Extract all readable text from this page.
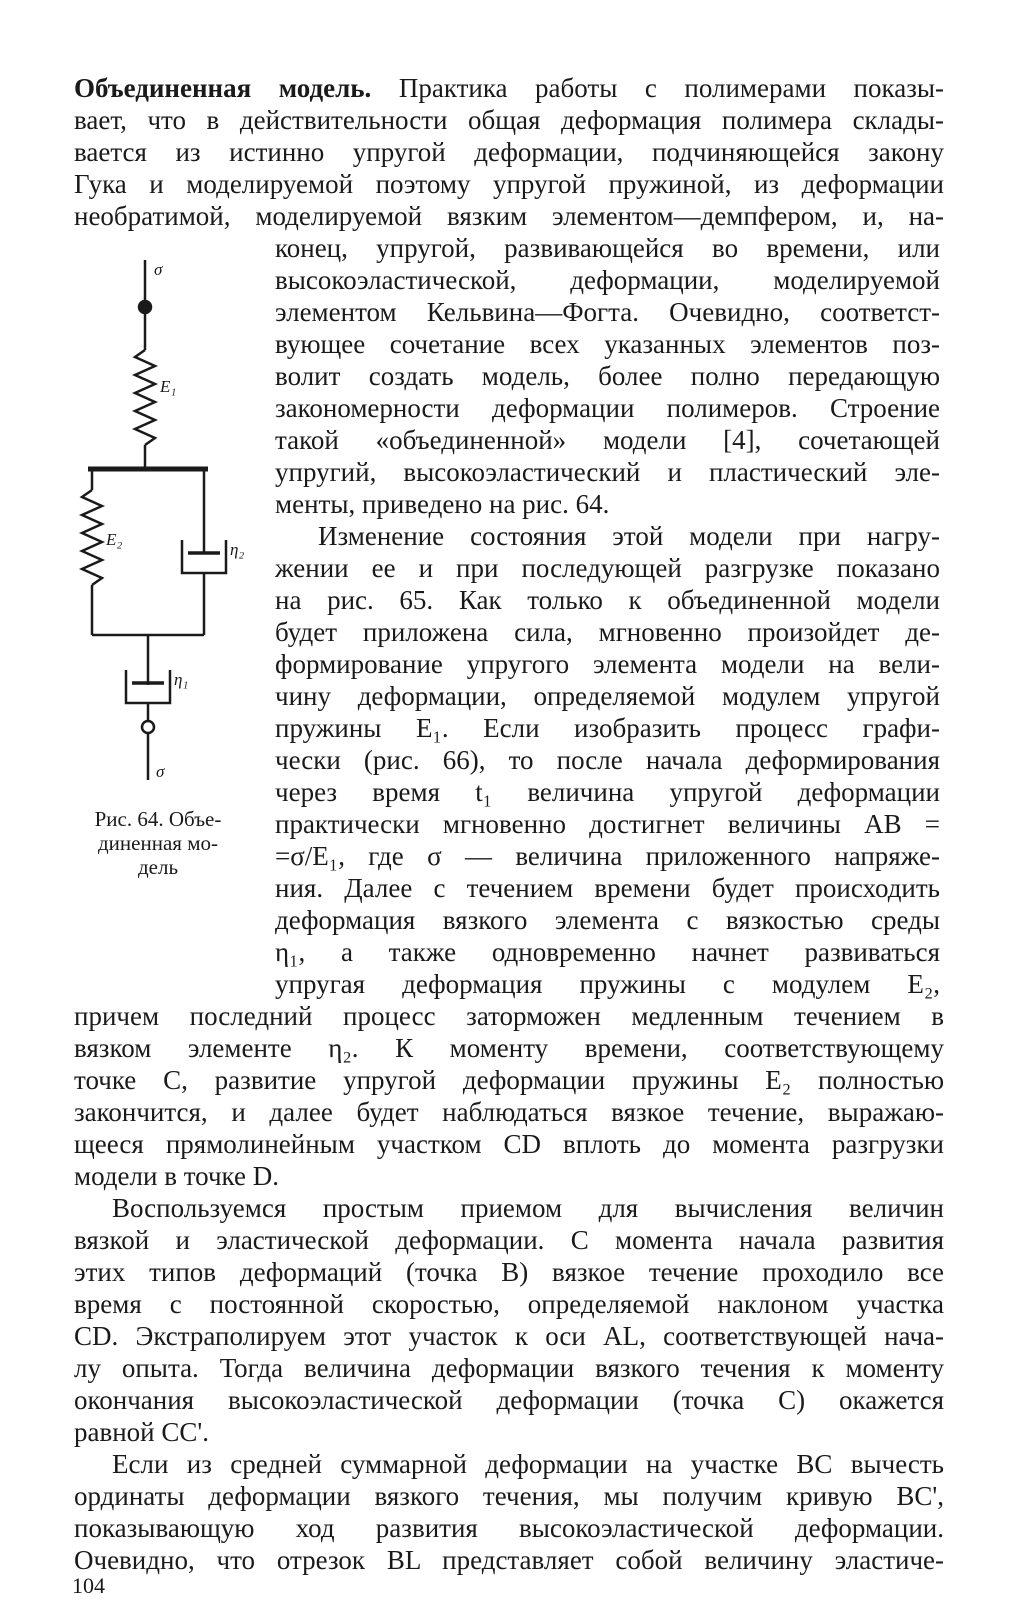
Объединенная модель. Практика работы с полимерами показы-
вает, что в действительности общая деформация полимера склады-
вается из истинно упругой деформации, подчиняющейся закону
Гука и моделируемой поэтому упругой пружиной, из деформации
необратимой, моделируемой вязким элементом—демпфером, и, на-
конец, упругой, развивающейся во времени, или
высокоэластической, деформации, моделируемой
элементом Кельвина—Фогта. Очевидно, соответст-
вующее сочетание всех указанных элементов поз-
волит создать модель, более полно передающую
закономерности деформации полимеров. Строение
такой «объединенной» модели [4], сочетающей
упругий, высокоэластический и пластический эле-
менты, приведено на рис. 64.
Изменение состояния этой модели при нагру-
жении ее и при последующей разгрузке показано
на рис. 65. Как только к объединенной модели
будет приложена сила, мгновенно произойдет де-
формирование упругого элемента модели на вели-
чину деформации, определяемой модулем упругой
пружины E₁. Если изобразить процесс графи-
чески (рис. 66), то после начала деформирования
через время t₁ величина упругой деформации
практически мгновенно достигнет величины AB =
=σ/E₁, где σ — величина приложенного напряже-
ния. Далее с течением времени будет происходить
деформация вязкого элемента с вязкостью среды
η₁, а также одновременно начнет развиваться
упругая деформация пружины с модулем E₂,
причем последний процесс заторможен медленным течением в
вязком элементе η₂. К моменту времени, соответствующему
точке C, развитие упругой деформации пружины E₂ полностью
закончится, и далее будет наблюдаться вязкое течение, выражаю-
щееся прямолинейным участком CD вплоть до момента разгрузки
модели в точке D.
Воспользуемся простым приемом для вычисления величин
вязкой и эластической деформации. С момента начала развития
этих типов деформаций (точка B) вязкое течение проходило все
время с постоянной скоростью, определяемой наклоном участка
CD. Экстраполируем этот участок к оси AL, соответствующей нача-
лу опыта. Тогда величина деформации вязкого течения к моменту
окончания высокоэластической деформации (точка C) окажется
равной CC'.
Если из средней суммарной деформации на участке BC вычесть
ординаты деформации вязкого течения, мы получим кривую BC',
показывающую ход развития высокоэластической деформации.
Очевидно, что отрезок BL представляет собой величину эластиче-
σ
E₁
E₂
η₂
η₁
σ
Рис. 64. Объе-
диненная мо-
дель
104
